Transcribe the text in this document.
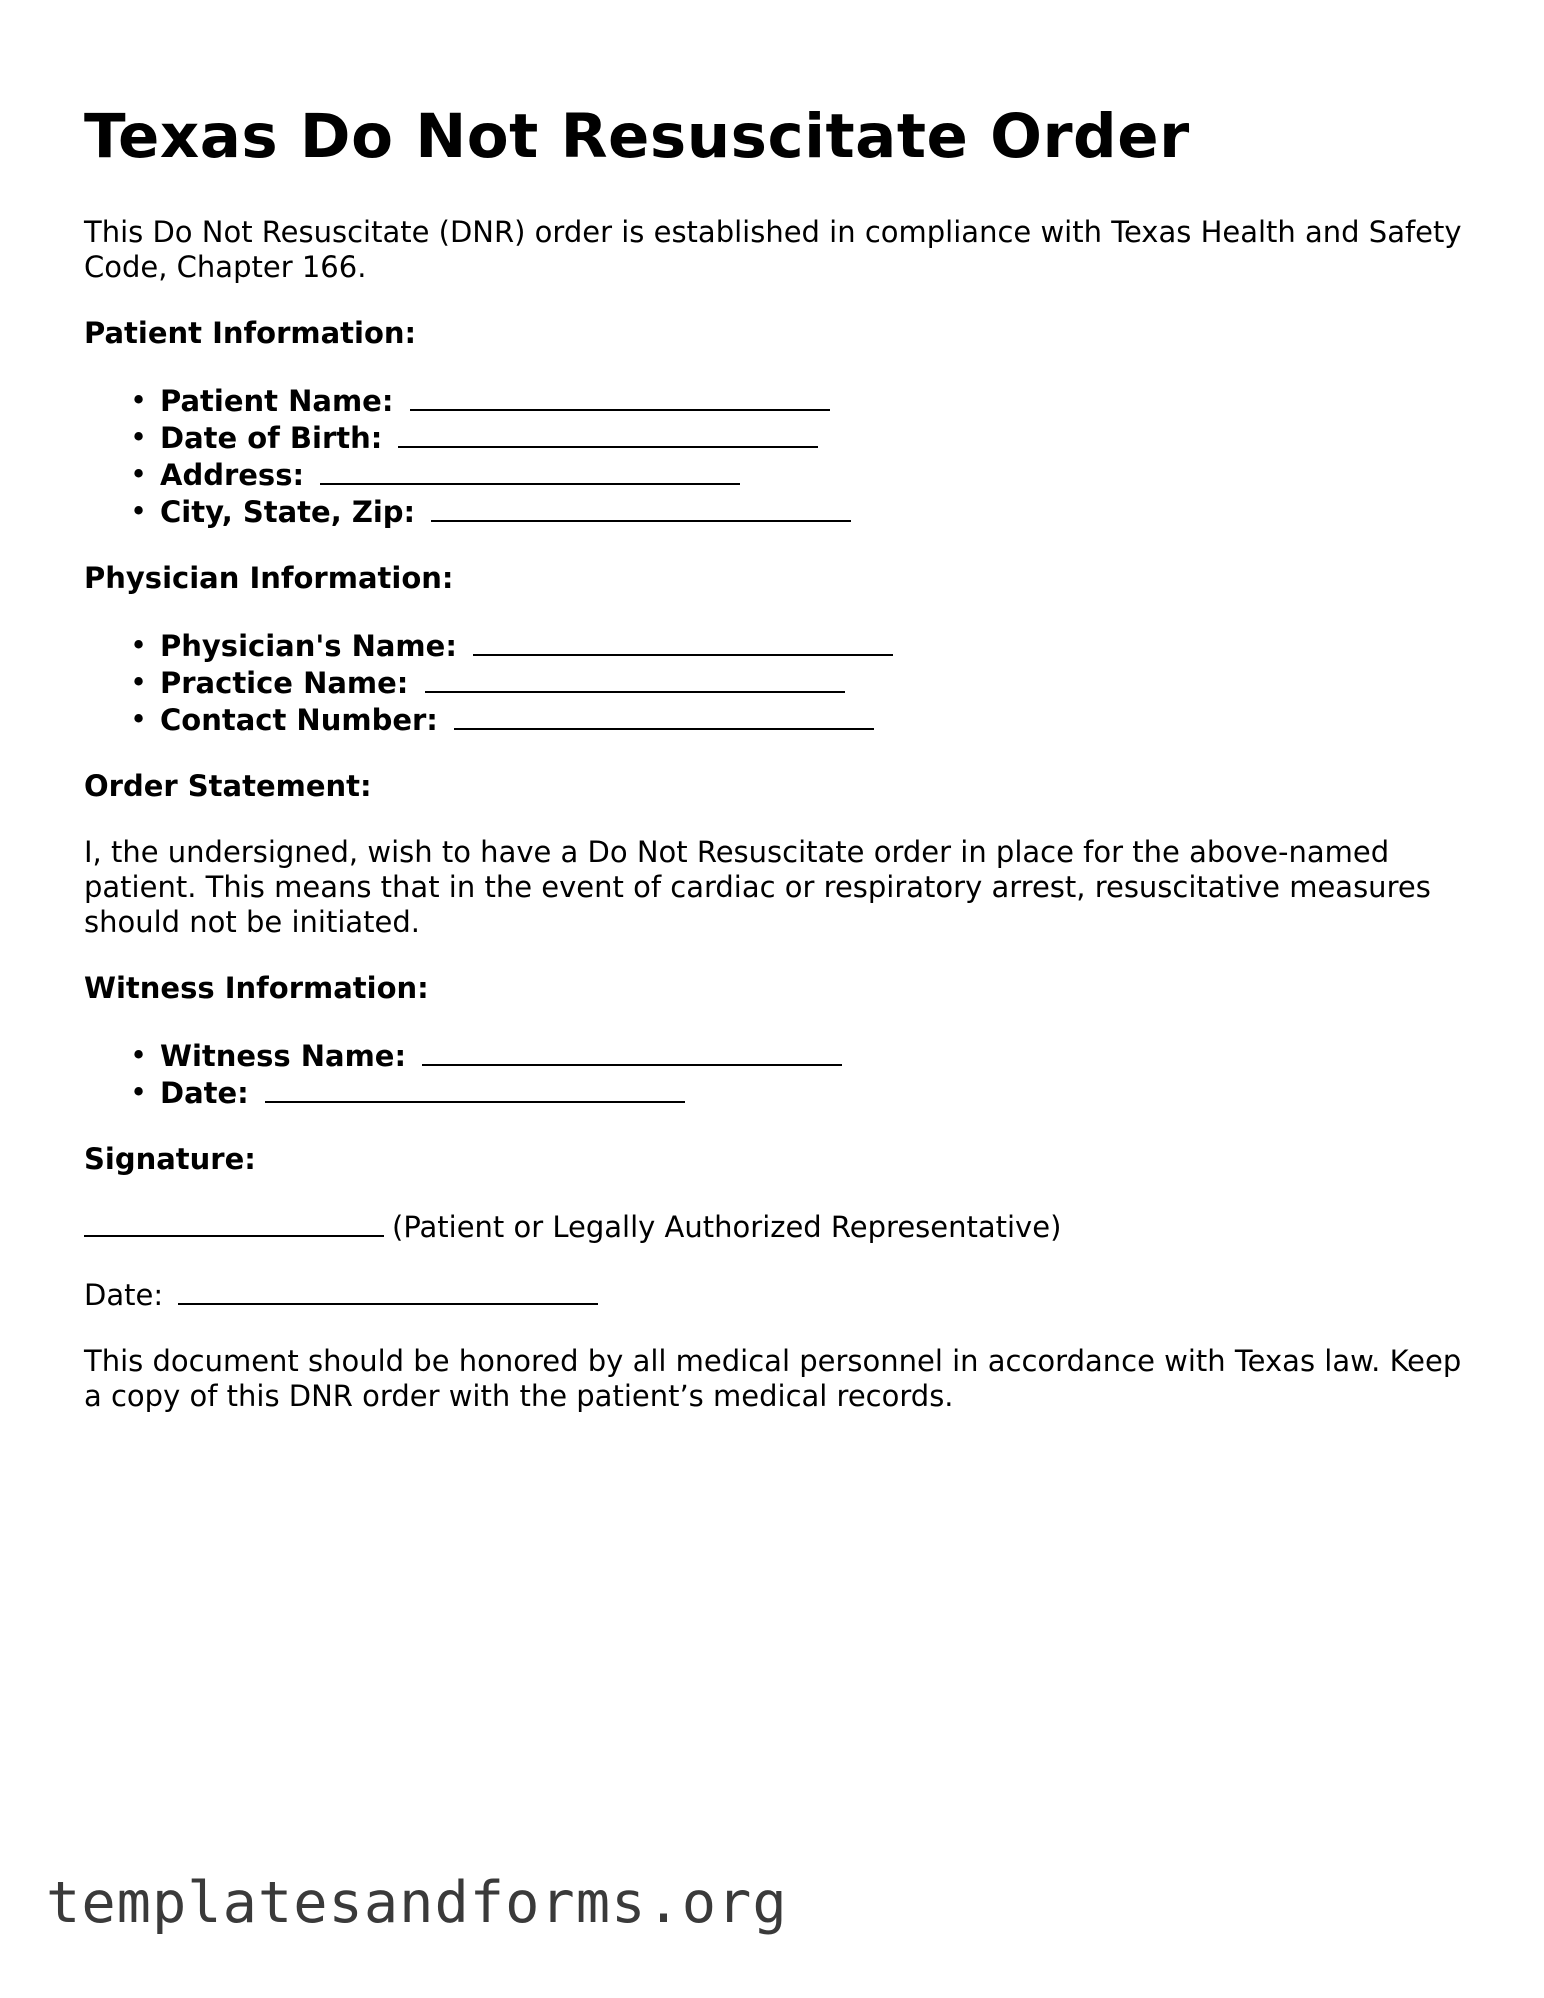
Texas Do Not Resuscitate Order

This Do Not Resuscitate (DNR) order is established in compliance with Texas Health and Safety Code, Chapter 166.

Patient Information:
• Patient Name:
• Date of Birth:
• Address:
• City, State, Zip:
Physician Information:
• Physician's Name:
• Practice Name:
• Contact Number:
Order Statement:

I, the undersigned, wish to have a Do Not Resuscitate order in place for the above-named patient. This means that in the event of cardiac or respiratory arrest, resuscitative measures should not be initiated.

Witness Information:
• Witness Name:
• Date:
Signature:

(Patient or Legally Authorized Representative)

Date:

This document should be honored by all medical personnel in accordance with Texas law. Keep a copy of this DNR order with the patient’s medical records.

templatesandforms.org
